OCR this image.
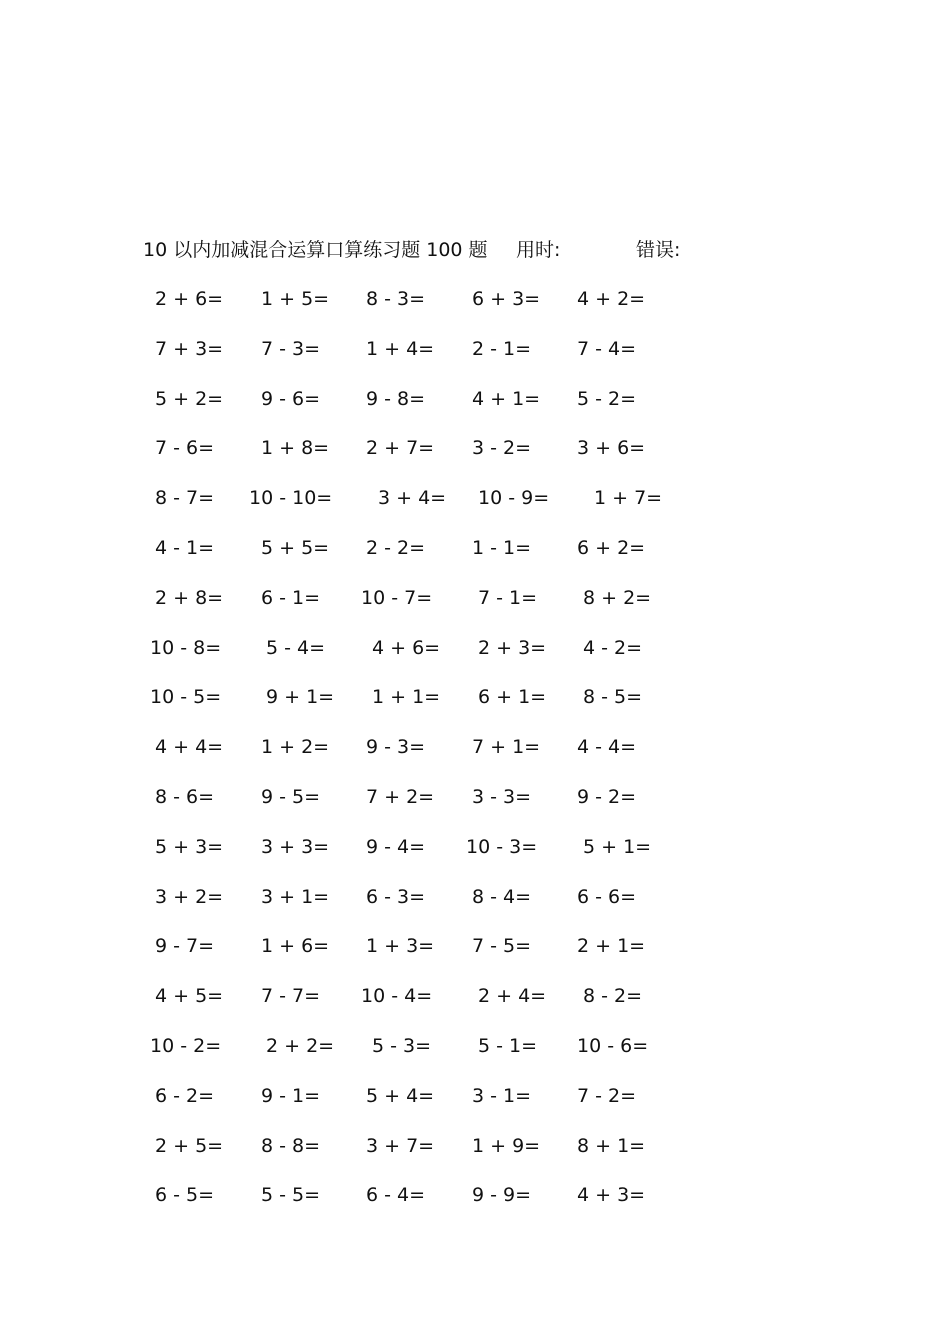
10 以内加减混合运算口算练习题 100 题 用时:	错误:
2 + 6= 1 + 5= 8 - 3= 6 + 3= 4 + 2=
7 + 3= 7 - 3= 1 + 4= 2 - 1= 7 - 4=
5 + 2= 9 - 6= 9 - 8= 4 + 1= 5 - 2=
7 - 6= 1 + 8= 2 + 7= 3 - 2= 3 + 6=
8 - 7= 10 - 10= 3 + 4= 10 - 9= 1 + 7=
4 - 1= 5 + 5= 2 - 2= 1 - 1= 6 + 2=
2 + 8= 6 - 1= 10 - 7= 7 - 1= 8 + 2=
10 - 8= 5 - 4= 4 + 6= 2 + 3= 4 - 2=
10 - 5= 9 + 1= 1 + 1= 6 + 1= 8 - 5=
4 + 4= 1 + 2= 9 - 3= 7 + 1= 4 - 4=
8 - 6= 9 - 5= 7 + 2= 3 - 3= 9 - 2=
5 + 3= 3 + 3= 9 - 4= 10 - 3= 5 + 1=
3 + 2= 3 + 1= 6 - 3= 8 - 4= 6 - 6=
9 - 7= 1 + 6= 1 + 3= 7 - 5= 2 + 1=
4 + 5= 7 - 7= 10 - 4= 2 + 4= 8 - 2=
10 - 2= 2 + 2= 5 - 3= 5 - 1= 10 - 6=
6 - 2= 9 - 1= 5 + 4= 3 - 1= 7 - 2=
2 + 5= 8 - 8= 3 + 7= 1 + 9= 8 + 1=
6 - 5= 5 - 5= 6 - 4= 9 - 9= 4 + 3=
